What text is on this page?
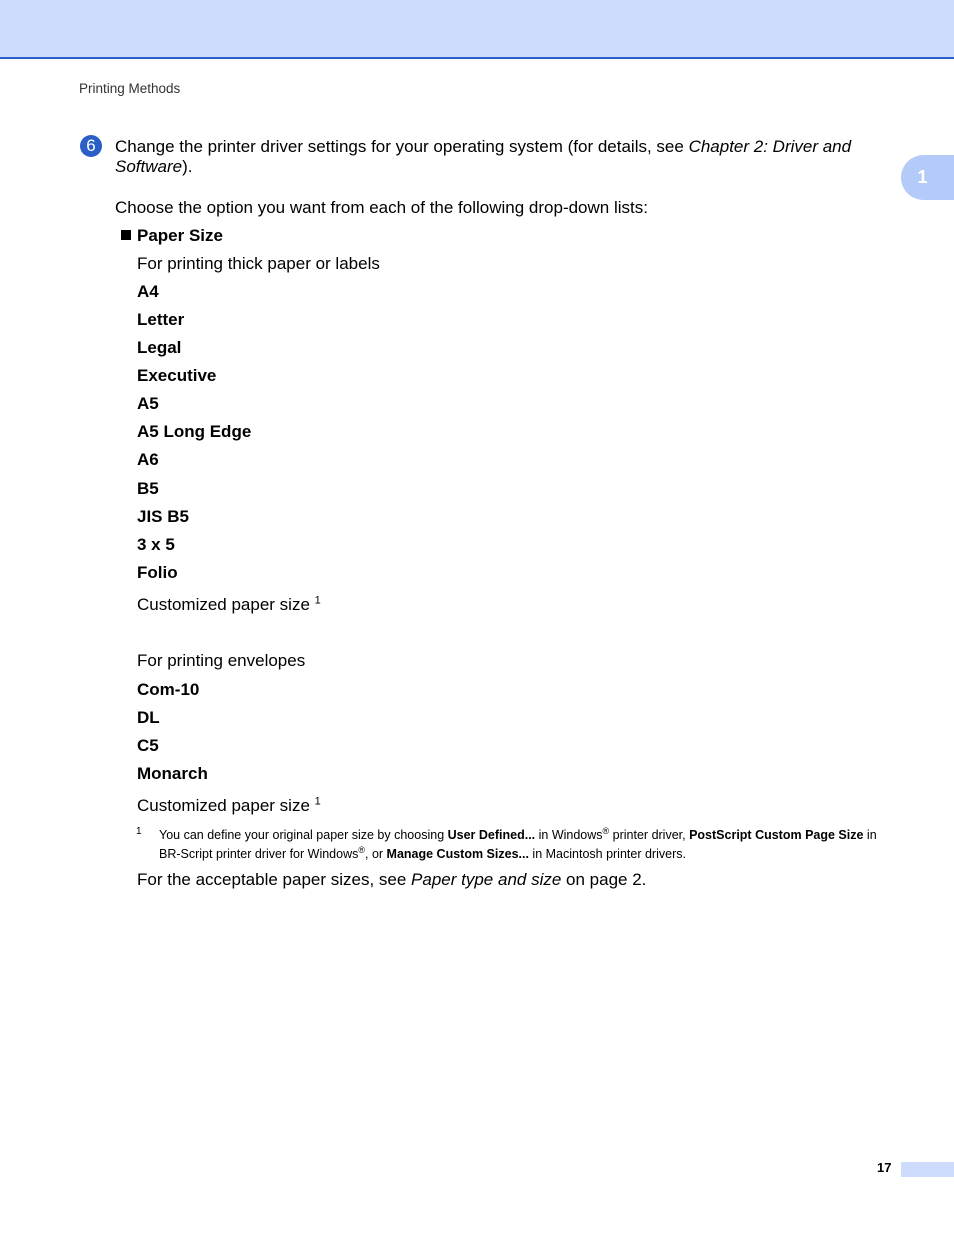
Printing Methods
1
6	Change the printer driver settings for your operating system (for details, see Chapter 2: Driver and
Software).
Choose the option you want from each of the following drop-down lists:
Paper Size
For printing thick paper or labels
A4
Letter
Legal
Executive
A5
A5 Long Edge
A6
B5
JIS B5
3 x 5
Folio
Customized paper size $^1$
For printing envelopes
Com-10
DL
C5
Monarch
Customized paper size $^1$
1 You can define your original paper size by choosing User Defined... in Windows® printer driver, PostScript Custom Page Size in
BR-Script printer driver for Windows®, or Manage Custom Sizes... in Macintosh printer drivers.
For the acceptable paper sizes, see Paper type and size on page 2.
17
